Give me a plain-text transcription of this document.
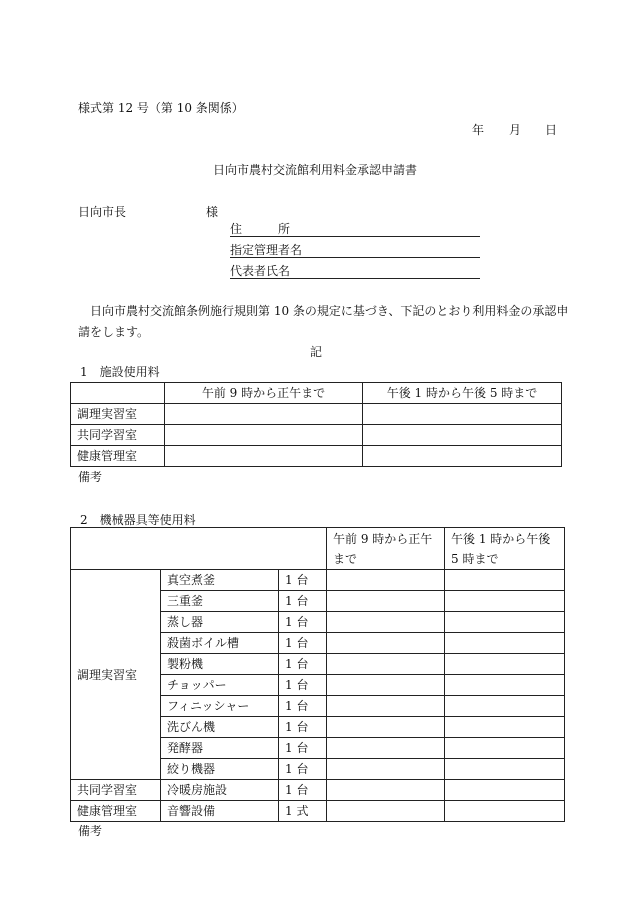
様式第 12 号（第 10 条関係）
年 月 日
日向市農村交流館利用料金承認申請書
日向市長	様
住　　　所
指定管理者名
代表者氏名
日向市農村交流館条例施行規則第 10 条の規定に基づき、下記のとおり利用料金の承認申
請をします。
記
1　施設使用料
	午前 9 時から正午まで	午後 1 時から午後 5 時まで
調理実習室		
共同学習室		
健康管理室		
備考
2　機械器具等使用料
			午前 9 時から正午まで	午後 1 時から午後 5 時まで
調理実習室	真空煮釜	1 台		
	三重釜	1 台		
	蒸し器	1 台		
	殺菌ボイル槽	1 台		
	製粉機	1 台		
	チョッパー	1 台		
	フィニッシャー	1 台		
	洗びん機	1 台		
	発酵器	1 台		
	絞り機器	1 台		
共同学習室	冷暖房施設	1 台		
健康管理室	音響設備	1 式		
備考
